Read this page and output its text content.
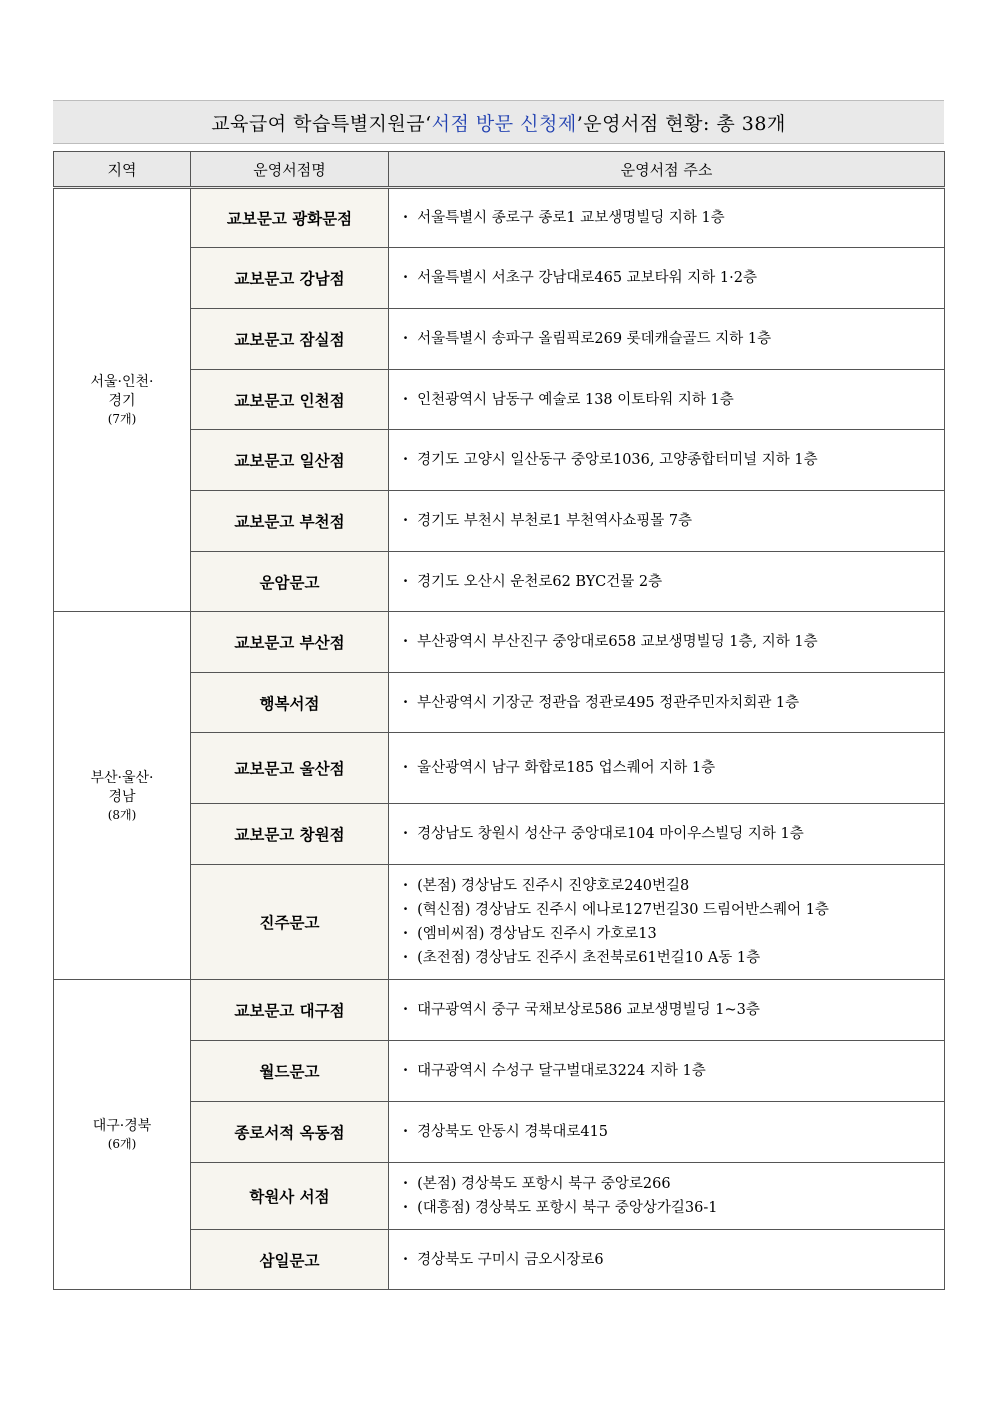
교육급여 학습특별지원금‘ 서점 방문 신청제 ’운영서점 현황: 총 38개
지역	운영서점명	운영서점 주소

서울·인천·
경기
(7개)	교보문고 광화문점	· 서울특별시 종로구 종로1 교보생명빌딩 지하 1층

	교보문고 강남점	· 서울특별시 서초구 강남대로465 교보타워 지하 1·2층

	교보문고 잠실점	· 서울특별시 송파구 올림픽로269 롯데캐슬골드 지하 1층

	교보문고 인천점	· 인천광역시 남동구 예술로 138 이토타워 지하 1층

	교보문고 일산점	· 경기도 고양시 일산동구 중앙로1036, 고양종합터미널 지하 1층

	교보문고 부천점	· 경기도 부천시 부천로1 부천역사쇼핑몰 7층

	운암문고	· 경기도 오산시 운천로62 BYC건물 2층

부산·울산·
경남
(8개)	교보문고 부산점	· 부산광역시 부산진구 중앙대로658 교보생명빌딩 1층, 지하 1층

	행복서점	· 부산광역시 기장군 정관읍 정관로495 정관주민자치회관 1층

	교보문고 울산점	· 울산광역시 남구 화합로185 업스퀘어 지하 1층

	교보문고 창원점	· 경상남도 창원시 성산구 중앙대로104 마이우스빌딩 지하 1층

	진주문고	· (본점) 경상남도 진주시 진양호로240번길8
· (혁신점) 경상남도 진주시 에나로127번길30 드림어반스퀘어 1층
· (엠비씨점) 경상남도 진주시 가호로13
· (초전점) 경상남도 진주시 초전북로61번길10 A동 1층

대구·경북
(6개)	교보문고 대구점	· 대구광역시 중구 국채보상로586 교보생명빌딩 1~3층

	월드문고	· 대구광역시 수성구 달구벌대로3224 지하 1층

	종로서적 옥동점	· 경상북도 안동시 경북대로415

	학원사 서점	· (본점) 경상북도 포항시 북구 중앙로266
· (대흥점) 경상북도 포항시 북구 중앙상가길36-1

	삼일문고	· 경상북도 구미시 금오시장로6
